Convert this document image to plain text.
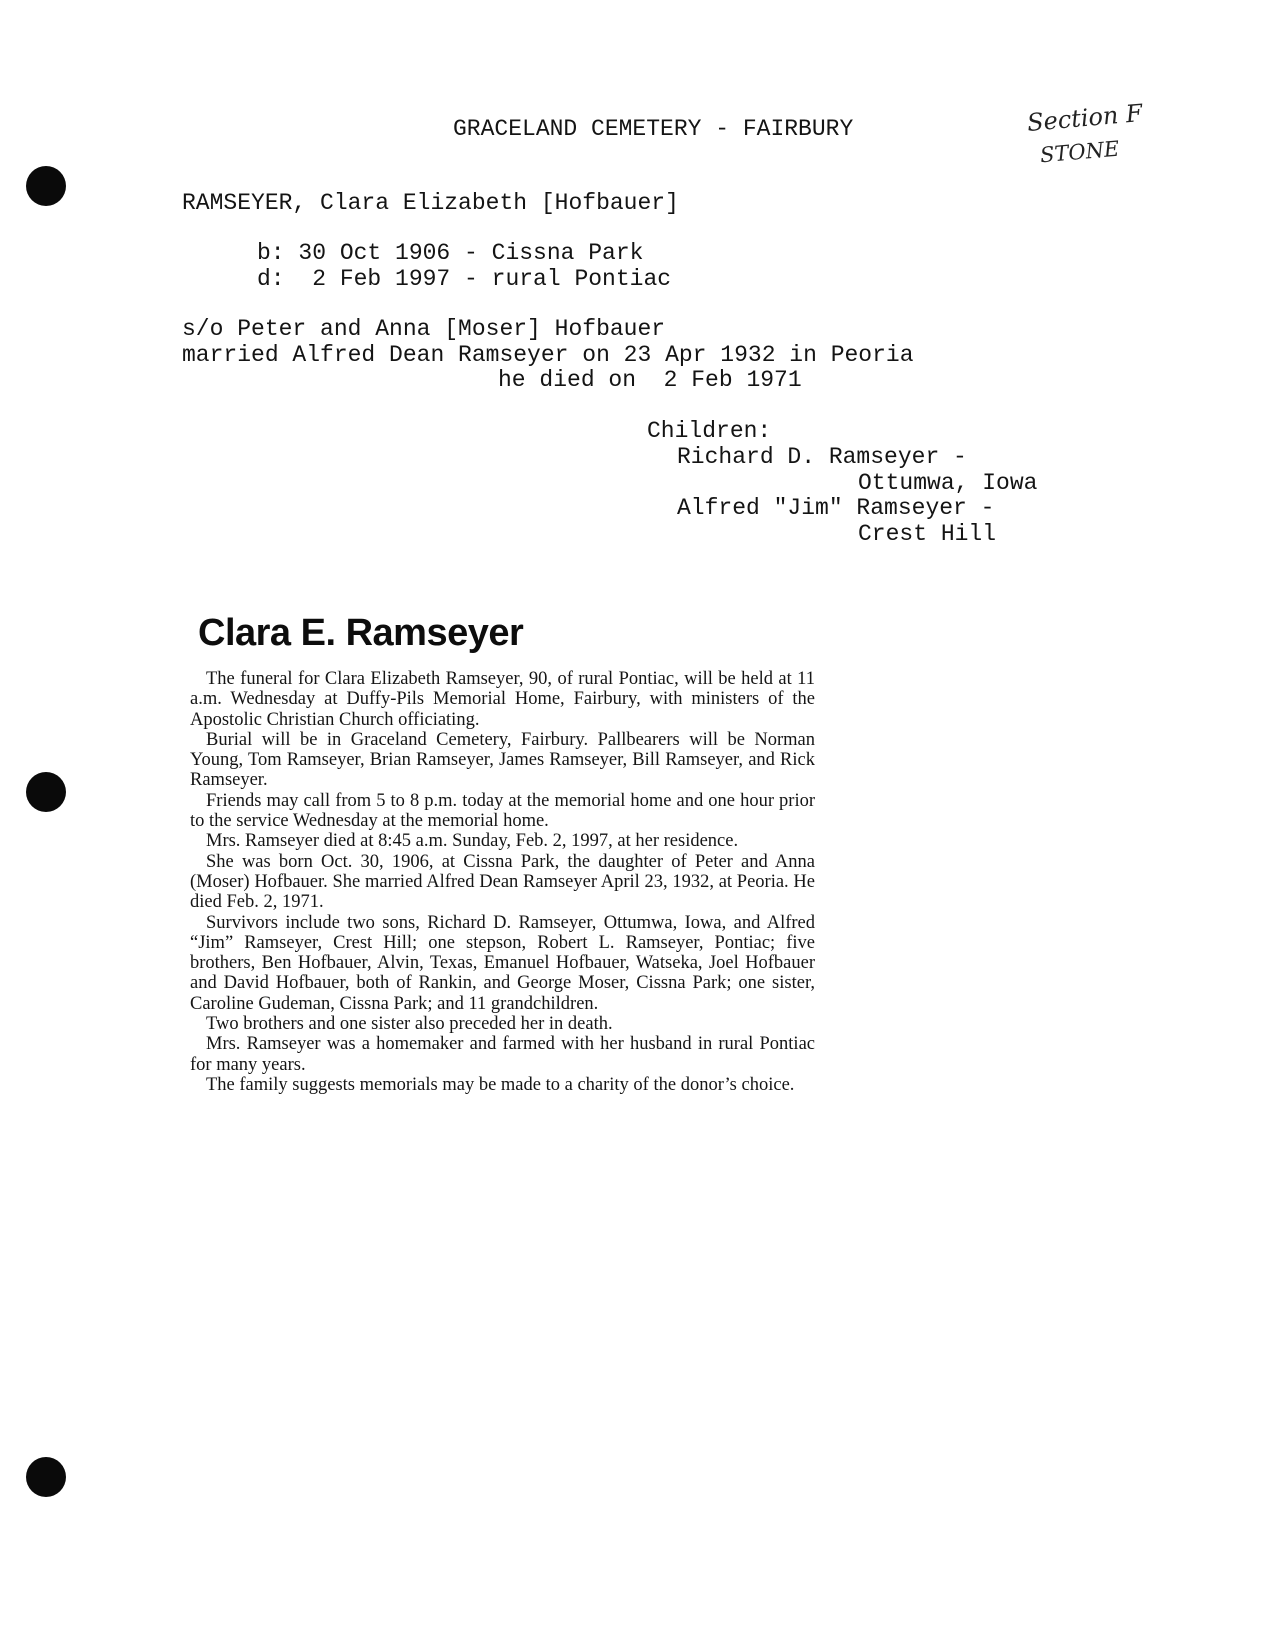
GRACELAND CEMETERY - FAIRBURY	Section F
STONE
RAMSEYER, Clara Elizabeth [Hofbauer]
b: 30 Oct 1906 - Cissna Park
d:  2 Feb 1997 - rural Pontiac
s/o Peter and Anna [Moser] Hofbauer
married Alfred Dean Ramseyer on 23 Apr 1932 in Peoria
he died on  2 Feb 1971
Children:
Richard D. Ramseyer -
Ottumwa, Iowa
Alfred "Jim" Ramseyer -
Crest Hill
Clara E. Ramseyer

The funeral for Clara Elizabeth Ramseyer, 90, of rural Pontiac, will be held at 11 a.m. Wednesday at Duffy-Pils Memorial Home, Fairbury, with ministers of the Apostolic Christian Church officiating.

Burial will be in Graceland Cemetery, Fairbury. Pallbearers will be Norman Young, Tom Ramseyer, Brian Ramseyer, James Ramseyer, Bill Ramseyer, and Rick Ramseyer.

Friends may call from 5 to 8 p.m. today at the memorial home and one hour prior to the service Wednesday at the memorial home.

Mrs. Ramseyer died at 8:45 a.m. Sunday, Feb. 2, 1997, at her residence.

She was born Oct. 30, 1906, at Cissna Park, the daughter of Peter and Anna (Moser) Hofbauer. She married Alfred Dean Ramseyer April 23, 1932, at Peoria. He died Feb. 2, 1971.

Survivors include two sons, Richard D. Ramseyer, Ottumwa, Iowa, and Alfred “Jim” Ramseyer, Crest Hill; one stepson, Robert L. Ramseyer, Pontiac; five brothers, Ben Hofbauer, Alvin, Texas, Emanuel Hofbauer, Watseka, Joel Hofbauer and David Hofbauer, both of Rankin, and George Moser, Cissna Park; one sister, Caroline Gudeman, Cissna Park; and 11 grandchildren.

Two brothers and one sister also preceded her in death.

Mrs. Ramseyer was a homemaker and farmed with her husband in rural Pontiac for many years.

The family suggests memorials may be made to a charity of the donor’s choice.
